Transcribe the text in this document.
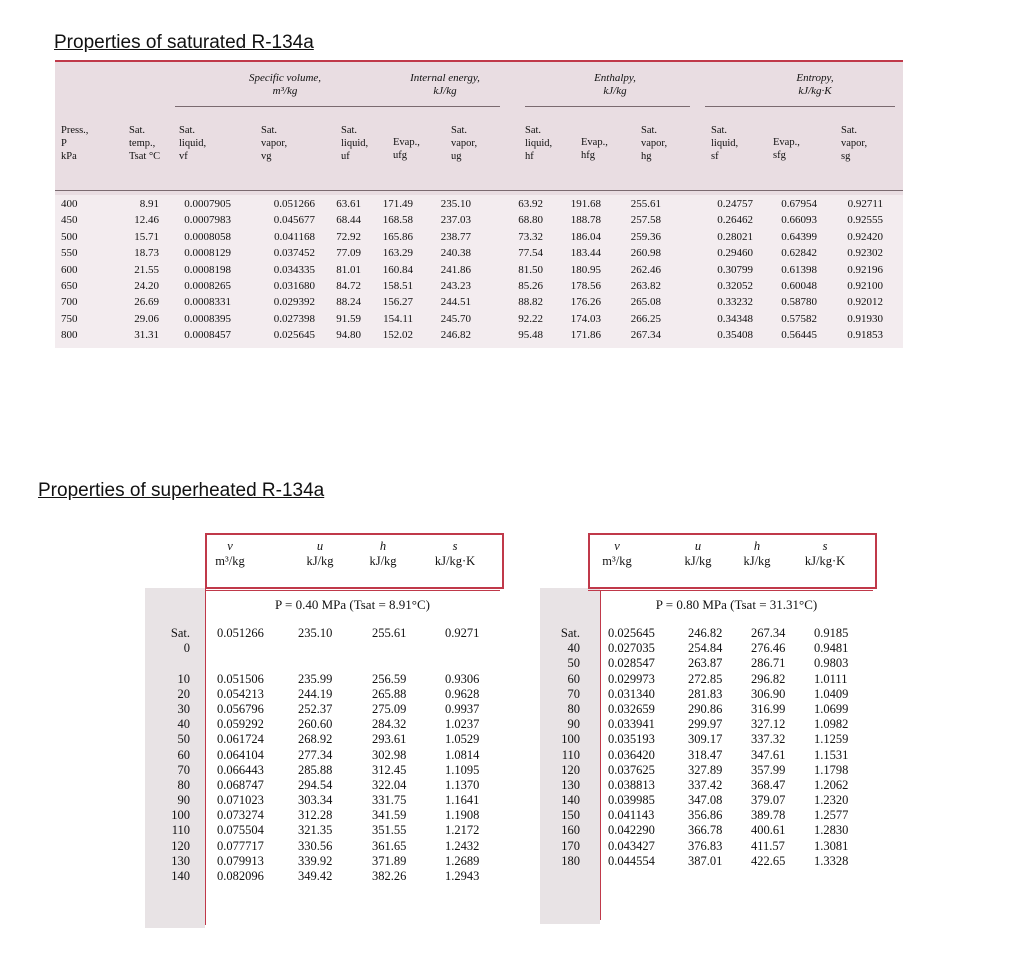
Properties of saturated R-134a
Specific volume,
m³/kg
Internal energy,
kJ/kg
Enthalpy,
kJ/kg
Entropy,
kJ/kg·K
Press.,
P
kPa
Sat.
temp.,
Tsat °C
Sat.
liquid,
vf
Sat.
vapor,
vg
Sat.
liquid,
uf
Evap.,
ufg
Sat.
vapor,
ug
Sat.
liquid,
hf
Evap.,
hfg
Sat.
vapor,
hg
Sat.
liquid,
sf
Evap.,
sfg
Sat.
vapor,
sg
400
450
500
550
600
650
700
750
800
8.91
12.46
15.71
18.73
21.55
24.20
26.69
29.06
31.31
0.0007905
0.0007983
0.0008058
0.0008129
0.0008198
0.0008265
0.0008331
0.0008395
0.0008457
0.051266
0.045677
0.041168
0.037452
0.034335
0.031680
0.029392
0.027398
0.025645
63.61
68.44
72.92
77.09
81.01
84.72
88.24
91.59
94.80
171.49
168.58
165.86
163.29
160.84
158.51
156.27
154.11
152.02
235.10
237.03
238.77
240.38
241.86
243.23
244.51
245.70
246.82
63.92
68.80
73.32
77.54
81.50
85.26
88.82
92.22
95.48
191.68
188.78
186.04
183.44
180.95
178.56
176.26
174.03
171.86
255.61
257.58
259.36
260.98
262.46
263.82
265.08
266.25
267.34
0.24757
0.26462
0.28021
0.29460
0.30799
0.32052
0.33232
0.34348
0.35408
0.67954
0.66093
0.64399
0.62842
0.61398
0.60048
0.58780
0.57582
0.56445
0.92711
0.92555
0.92420
0.92302
0.92196
0.92100
0.92012
0.91930
0.91853
Properties of superheated R-134a
v
m³/kg
u
kJ/kg
h
kJ/kg
s
kJ/kg·K
P = 0.40 MPa (Tsat = 8.91°C)
Sat.
0

10
20
30
40
50
60
70
80
90
100
110
120
130
140
0.051266

0.051506
0.054213
0.056796
0.059292
0.061724
0.064104
0.066443
0.068747
0.071023
0.073274
0.075504
0.077717
0.079913
0.082096
235.10

235.99
244.19
252.37
260.60
268.92
277.34
285.88
294.54
303.34
312.28
321.35
330.56
339.92
349.42
255.61

256.59
265.88
275.09
284.32
293.61
302.98
312.45
322.04
331.75
341.59
351.55
361.65
371.89
382.26
0.9271

0.9306
0.9628
0.9937
1.0237
1.0529
1.0814
1.1095
1.1370
1.1641
1.1908
1.2172
1.2432
1.2689
1.2943
v
m³/kg
u
kJ/kg
h
kJ/kg
s
kJ/kg·K
P = 0.80 MPa (Tsat = 31.31°C)
Sat.
40
50
60
70
80
90
100
110
120
130
140
150
160
170
180
0.025645
0.027035
0.028547
0.029973
0.031340
0.032659
0.033941
0.035193
0.036420
0.037625
0.038813
0.039985
0.041143
0.042290
0.043427
0.044554
246.82
254.84
263.87
272.85
281.83
290.86
299.97
309.17
318.47
327.89
337.42
347.08
356.86
366.78
376.83
387.01
267.34
276.46
286.71
296.82
306.90
316.99
327.12
337.32
347.61
357.99
368.47
379.07
389.78
400.61
411.57
422.65
0.9185
0.9481
0.9803
1.0111
1.0409
1.0699
1.0982
1.1259
1.1531
1.1798
1.2062
1.2320
1.2577
1.2830
1.3081
1.3328
